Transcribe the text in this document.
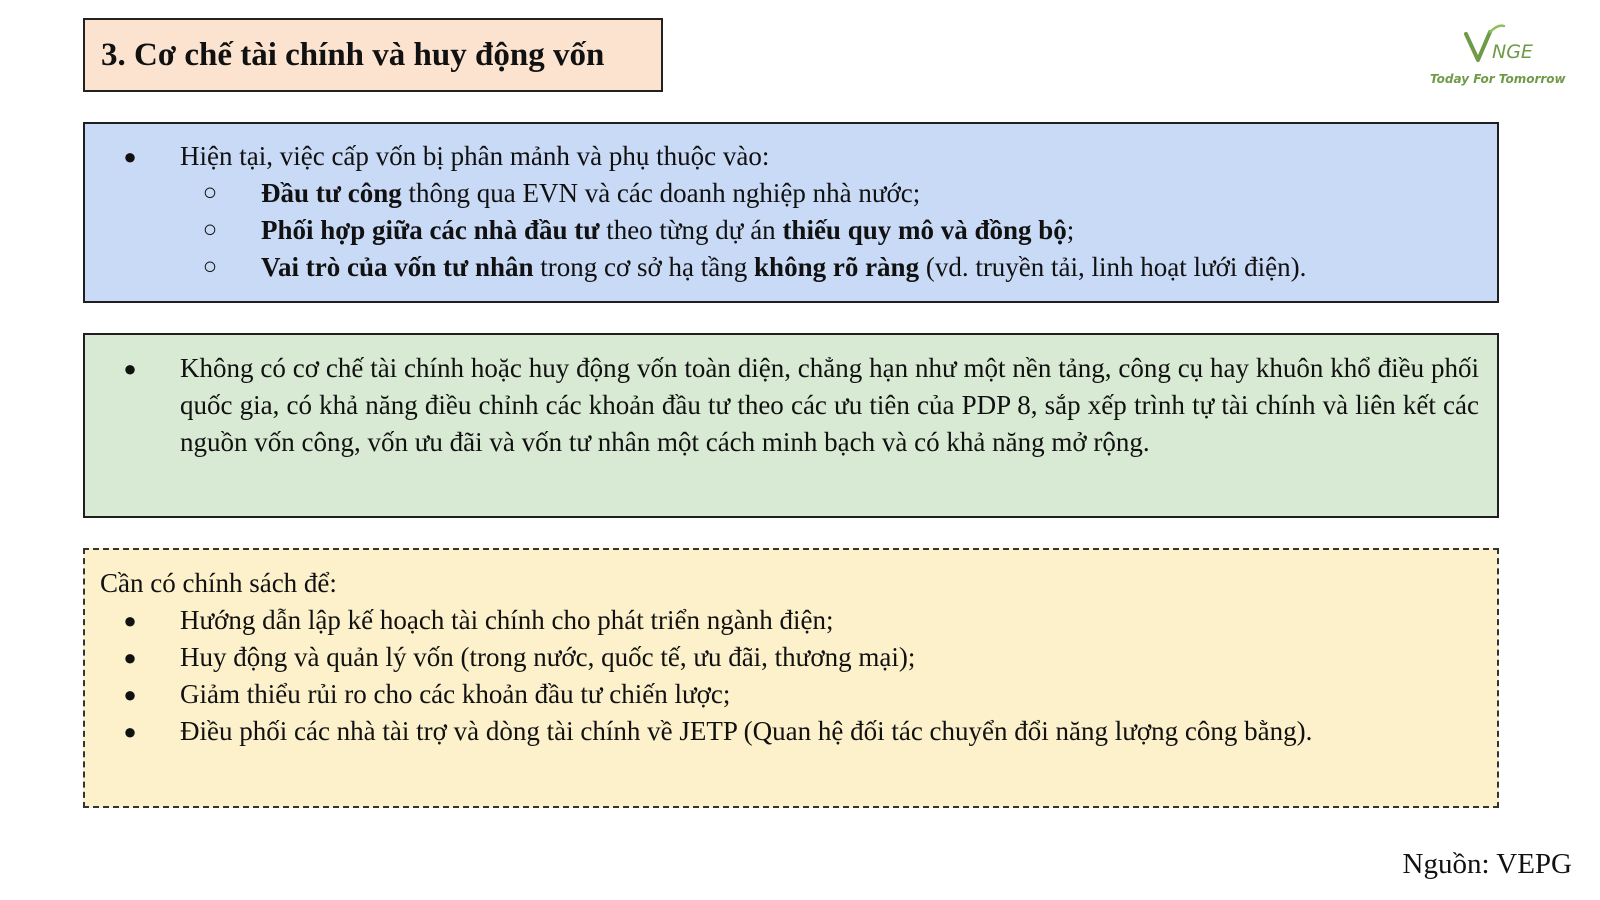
3. Cơ chế tài chính và huy động vốn	NGE
Today For Tomorrow
●	Hiện tại, việc cấp vốn bị phân mảnh và phụ thuộc vào:
○ Đầu tư công thông qua EVN và các doanh nghiệp nhà nước;
○ Phối hợp giữa các nhà đầu tư theo từng dự án thiếu quy mô và đồng bộ;
○ Vai trò của vốn tư nhân trong cơ sở hạ tầng không rõ ràng (vd. truyền tải, linh hoạt lưới điện).
●	Không có cơ chế tài chính hoặc huy động vốn toàn diện, chẳng hạn như một nền tảng, công cụ hay khuôn khổ điều phối quốc gia, có khả năng điều chỉnh các khoản đầu tư theo các ưu tiên của PDP 8, sắp xếp trình tự tài chính và liên kết các nguồn vốn công, vốn ưu đãi và vốn tư nhân một cách minh bạch và có khả năng mở rộng.
Cần có chính sách để:
●	Hướng dẫn lập kế hoạch tài chính cho phát triển ngành điện;
●	Huy động và quản lý vốn (trong nước, quốc tế, ưu đãi, thương mại);
●	Giảm thiểu rủi ro cho các khoản đầu tư chiến lược;
●	Điều phối các nhà tài trợ và dòng tài chính về JETP (Quan hệ đối tác chuyển đổi năng lượng công bằng).
Nguồn: VEPG
